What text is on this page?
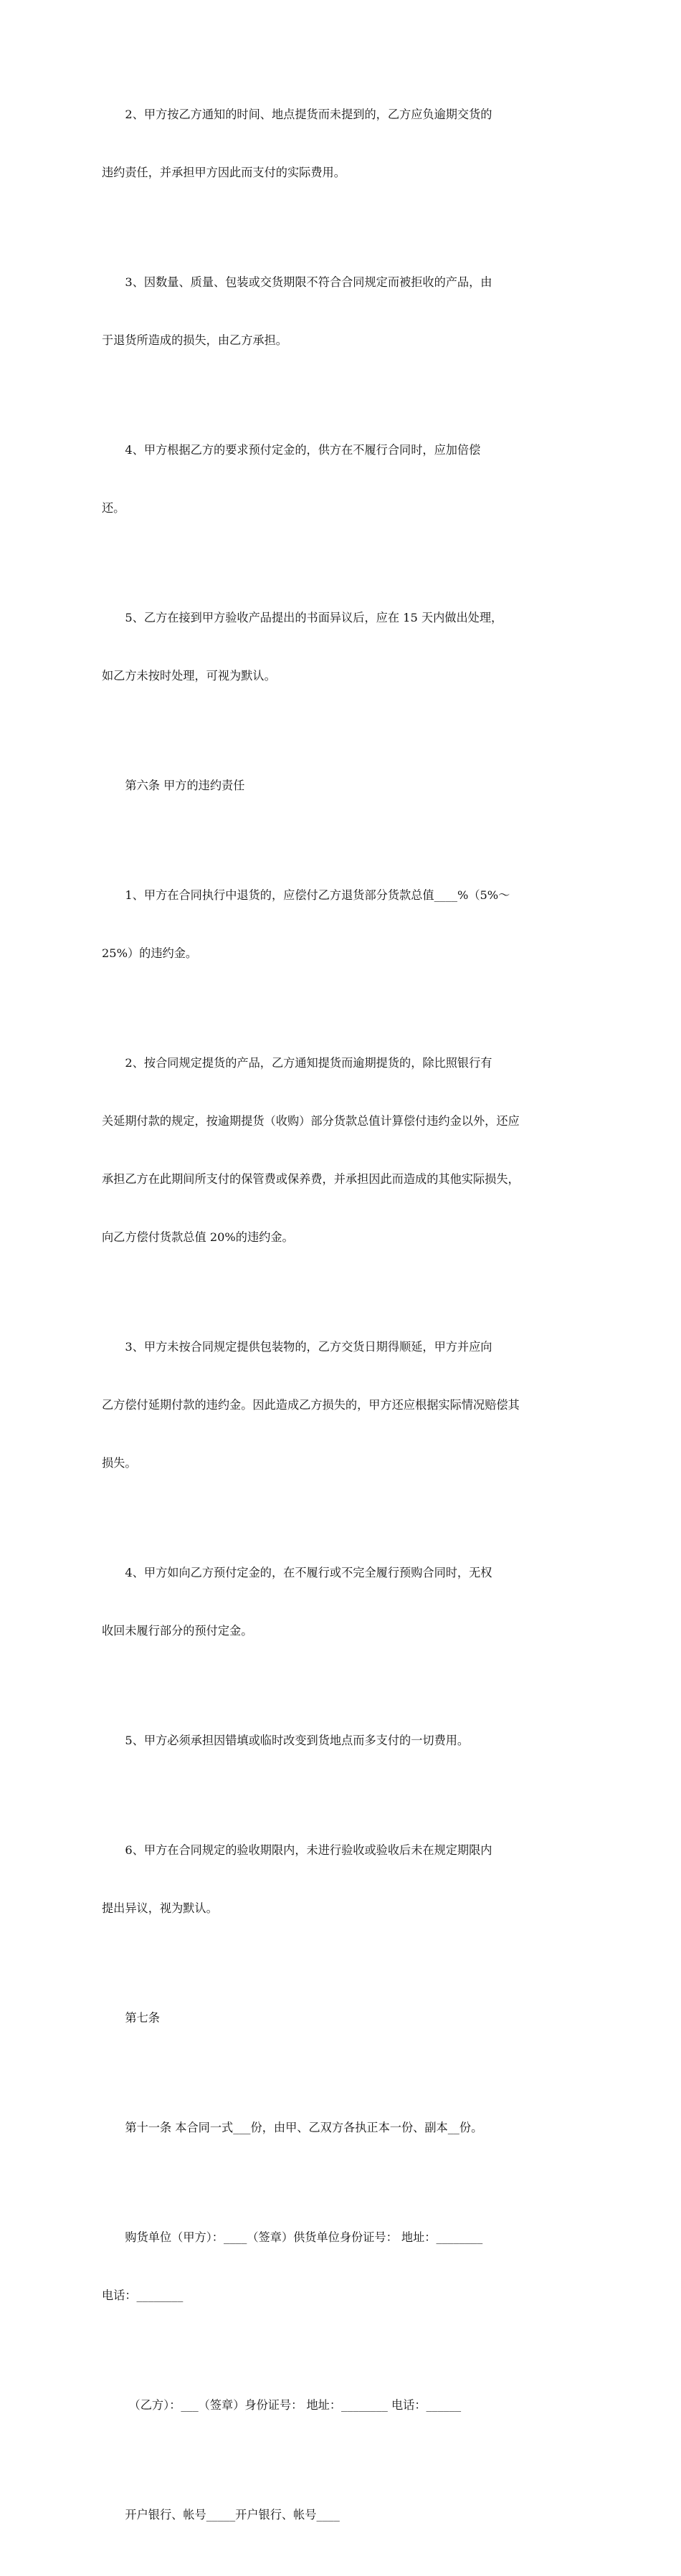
2、甲方按乙方通知的时间、地点提货而未提到的，乙方应负逾期交货的

违约责任，并承担甲方因此而支付的实际费用。

3、因数量、质量、包装或交货期限不符合合同规定而被拒收的产品，由

于退货所造成的损失，由乙方承担。

4、甲方根据乙方的要求预付定金的，供方在不履行合同时，应加倍偿

还。

5、乙方在接到甲方验收产品提出的书面异议后，应在 15 天内做出处理，

如乙方未按时处理，可视为默认。

第六条 甲方的违约责任

1、甲方在合同执行中退货的，应偿付乙方退货部分货款总值____%（5%～

25%）的违约金。

2、按合同规定提货的产品，乙方通知提货而逾期提货的，除比照银行有

关延期付款的规定，按逾期提货（收购）部分货款总值计算偿付违约金以外，还应

承担乙方在此期间所支付的保管费或保养费，并承担因此而造成的其他实际损失，

向乙方偿付货款总值 20%的违约金。

3、甲方未按合同规定提供包装物的，乙方交货日期得顺延，甲方并应向

乙方偿付延期付款的违约金。因此造成乙方损失的，甲方还应根据实际情况赔偿其

损失。

4、甲方如向乙方预付定金的，在不履行或不完全履行预购合同时，无权

收回未履行部分的预付定金。

5、甲方必须承担因错填或临时改变到货地点而多支付的一切费用。

6、甲方在合同规定的验收期限内，未进行验收或验收后未在规定期限内

提出异议，视为默认。

第七条

第十一条 本合同一式___份，由甲、乙双方各执正本一份、副本__份。

购货单位（甲方）：____（签章）供货单位身份证号： 地址：________

电话：________

（乙方）：___（签章）身份证号： 地址：________ 电话：______

开户银行、帐号_____开户银行、帐号____
